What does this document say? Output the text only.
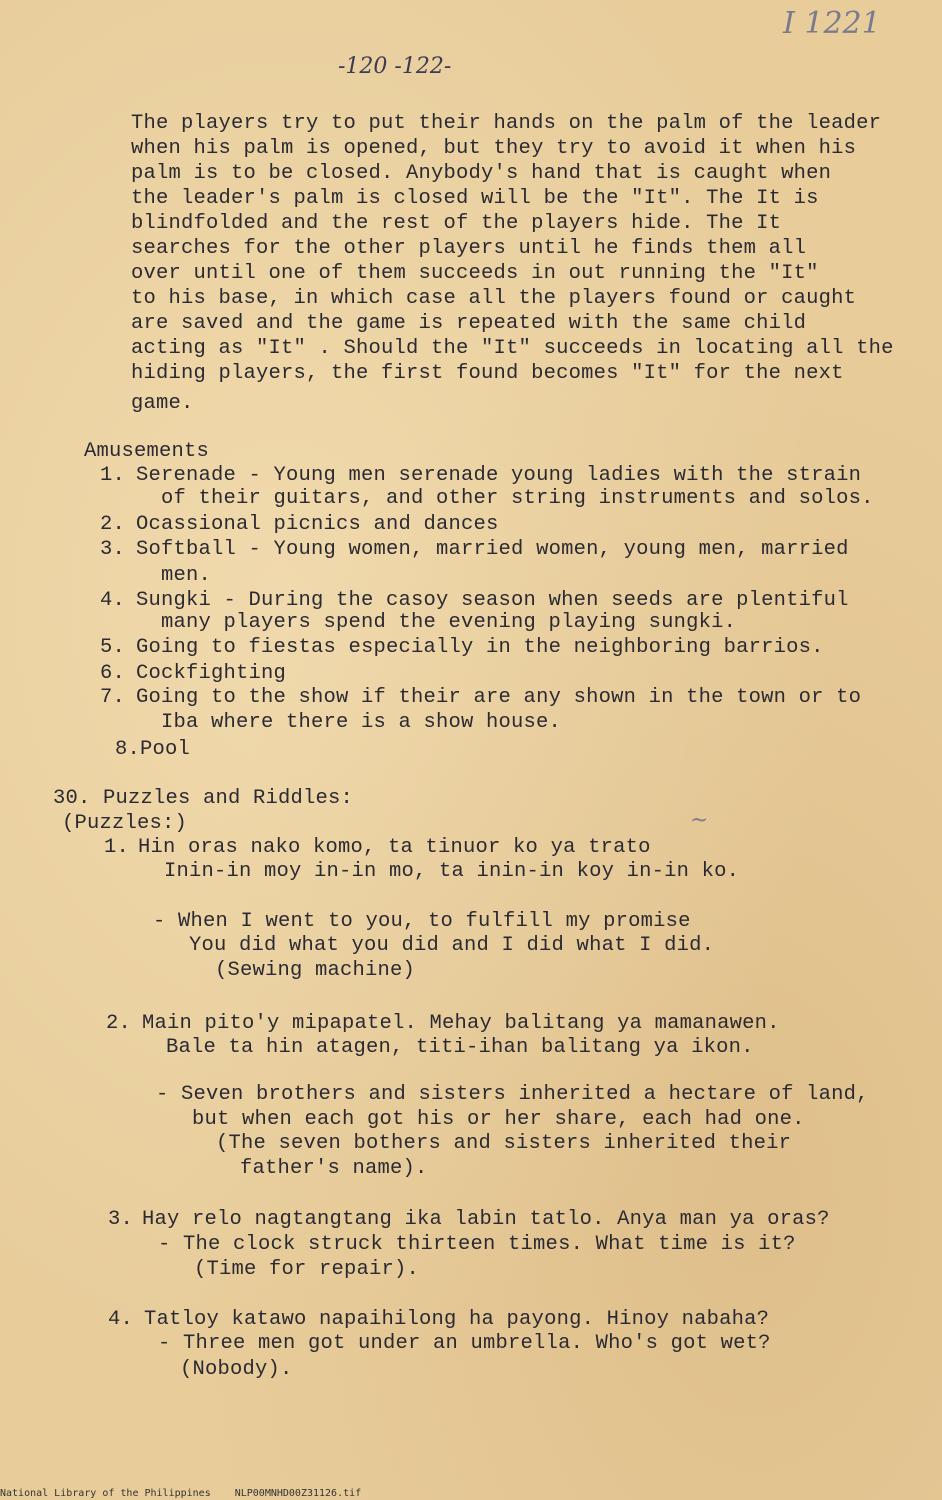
I 1221
-120 -122-
The players try to put their hands on the palm of the leader
when his palm is opened, but they try to avoid it when his
palm is to be closed. Anybody's hand that is caught when
the leader's palm is closed will be the "It". The It is
blindfolded and the rest of the players hide. The It
searches for the other players until he finds them all
over until one of them succeeds in out running the "It"
to his base, in which case all the players found or caught
are saved and the game is repeated with the same child
acting as "It" . Should the "It" succeeds in locating all the
hiding players, the first found becomes "It" for the next
game.
Amusements
1. Serenade - Young men serenade young ladies with the strain
of their guitars, and other string instruments and solos.
2. Ocassional picnics and dances
3. Softball - Young women, married women, young men, married
men.
4. Sungki - During the casoy season when seeds are plentiful
many players spend the evening playing sungki.
5. Going to fiestas especially in the neighboring barrios.
6. Cockfighting
7. Going to the show if their are any shown in the town or to
Iba where there is a show house.
8. Pool
30. Puzzles and Riddles:
(Puzzles:)	~
1. Hin oras nako komo, ta tinuor ko ya trato
Inin-in moy in-in mo, ta inin-in koy in-in ko.
- When I went to you, to fulfill my promise
You did what you did and I did what I did.
(Sewing machine)
2. Main pito'y mipapatel. Mehay balitang ya mamanawen.
Bale ta hin atagen, titi-ihan balitang ya ikon.
- Seven brothers and sisters inherited a hectare of land,
but when each got his or her share, each had one.
(The seven bothers and sisters inherited their
father's name).
3. Hay relo nagtangtang ika labin tatlo. Anya man ya oras?
- The clock struck thirteen times. What time is it?
(Time for repair).
4. Tatloy katawo napaihilong ha payong. Hinoy nabaha?
- Three men got under an umbrella. Who's got wet?
(Nobody).
National Library of the Philippines NLP00MNHD00Z31126.tif
